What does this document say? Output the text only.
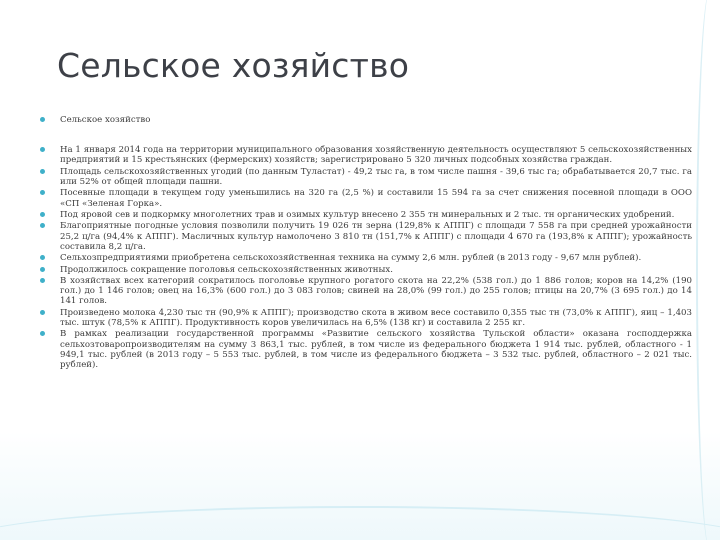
Сельское хозяйство
Сельское хозяйство
На 1 января 2014 года на территории муниципального образования хозяйственную деятельность осуществляют 5 сельскохозяйственных предприятий и 15 крестьянских (фермерских) хозяйств; зарегистрировано 5 320 личных подсобных хозяйства граждан.
Площадь сельскохозяйственных угодий (по данным Туластат) - 49,2 тыс га, в том числе пашня - 39,6 тыс га; обрабатывается 20,7 тыс. га или 52% от общей площади пашни.
Посевные площади в текущем году уменьшились на 320 га (2,5 %) и составили 15 594 га за счет снижения посевной площади в ООО «СП «Зеленая Горка».
Под яровой сев и подкормку многолетних трав и озимых культур внесено 2 355 тн минеральных и 2 тыс. тн органических удобрений.
Благоприятные погодные условия позволили получить 19 026 тн зерна (129,8% к АППГ) с площади 7 558 га при средней урожайности 25,2 ц/га (94,4% к АППГ). Масличных культур намолочено 3 810 тн (151,7% к АППГ) с площади 4 670 га (193,8% к АППГ); урожайность составила 8,2 ц/га.
Сельхозпредприятиями приобретена сельскохозяйственная техника на сумму 2,6 млн. рублей (в 2013 году - 9,67 млн рублей).
Продолжилось сокращение поголовья сельскохозяйственных животных.
В хозяйствах всех категорий сократилось поголовье крупного рогатого скота на 22,2% (538 гол.) до 1 886 голов; коров на 14,2% (190 гол.) до 1 146 голов; овец на 16,3% (600 гол.) до 3 083 голов; свиней на 28,0% (99 гол.) до 255 голов; птицы на 20,7% (3 695 гол.) до 14 141 голов.
Произведено молока 4,230 тыс тн (90,9% к АППГ); производство скота в живом весе составило 0,355 тыс тн (73,0% к АППГ), яиц – 1,403 тыс. штук (78,5% к АППГ). Продуктивность коров увеличилась на 6,5% (138 кг) и составила 2 255 кг.
В рамках реализации государственной программы «Развитие сельского хозяйства Тульской области» оказана господдержка сельхозтоваропроизводителям на сумму 3 863,1 тыс. рублей, в том числе из федерального бюджета 1 914 тыс. рублей, областного - 1 949,1 тыс. рублей (в 2013 году – 5 553 тыс. рублей, в том числе из федерального бюджета – 3 532 тыс. рублей, областного – 2 021 тыс. рублей).
